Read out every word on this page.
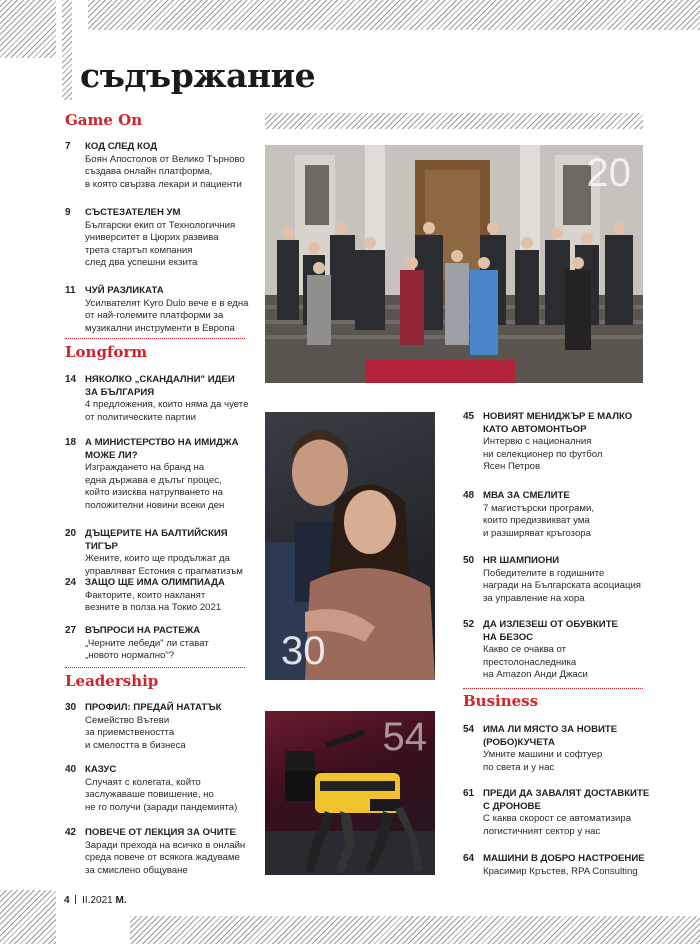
съдържание
Game On
7 КОД СЛЕД КОД
Боян Апостолов от Велико Търново
създава онлайн платформа,
в която свързва лекари и пациенти
9 СЪСТЕЗАТЕЛЕН УМ
Български екип от Технологичния
университет в Цюрих развива
трета стартъп компания
след два успешни екзита
11 ЧУЙ РАЗЛИКАТА
Усилвателят Kyго Dulo вече е в една
от най-големите платформи за
музикални инструменти в Европа
Longform
14 НЯКОЛКО „СКАНДАЛНИ" ИДЕИ
ЗА БЪЛГАРИЯ
4 предложения, които няма да чуете
от политическите партии
18 А МИНИСТЕРСТВО НА ИМИДЖА
МОЖЕ ЛИ?
Изграждането на бранд на
една държава е дълъг процес,
който изисква натрупването на
положителни новини всеки ден
20 ДЪЩЕРИТЕ НА БАЛТИЙСКИЯ ТИГЪР
Жените, които ще продължат да
управляват Естония с прагматизъм
24 ЗАЩО ЩЕ ИМА ОЛИМПИАДА
Факторите, които накланят
везните в полза на Токио 2021
27 ВЪПРОСИ НА РАСТЕЖА
„Черните лебеди" ли стават
„новото нормално"?
Leadership
30 ПРОФИЛ: ПРЕДАЙ НАТАТЪК
Семейство Вътеви
за приемствеността
и смелостта в бизнеса
40 КАЗУС
Случаят с колегата, който
заслужаваше повишение, но
не го получи (заради пандемията)
42 ПОВЕЧЕ ОТ ЛЕКЦИЯ ЗА ОЧИТЕ
Заради прехода на всичко в онлайн
среда повече от всякога жадуваме
за смислено общуване
20
30
54
45 НОВИЯТ МЕНИДЖЪР Е МАЛКО
КАТО АВТОМОНТЬОР
Интервю с националния
ни селекционер по футбол
Ясен Петров
48 МВА ЗА СМЕЛИТЕ
7 магистърски програми,
които предизвикват ума
и разширяват кръгозора
50 HR ШАМПИОНИ
Победителите в годишните
награди на Българската асоциация
за управление на хора
52 ДА ИЗЛЕЗЕШ ОТ ОБУВКИТЕ
НА БЕЗОС
Какво се очаква от
престолонаследника
на Amazon Анди Джаси
Business
54 ИМА ЛИ МЯСТО ЗА НОВИТЕ
(РОБО)КУЧЕТА
Умните машини и софтуер
по света и у нас
61 ПРЕДИ ДА ЗАВАЛЯТ ДОСТАВКИТЕ
С ДРОНОВЕ
С каква скорост се автоматизира
логистичният сектор у нас
64 МАШИНИ В ДОБРО НАСТРОЕНИЕ
Красимир Кръстев, RPA Consulting
4 II.2021 M.
